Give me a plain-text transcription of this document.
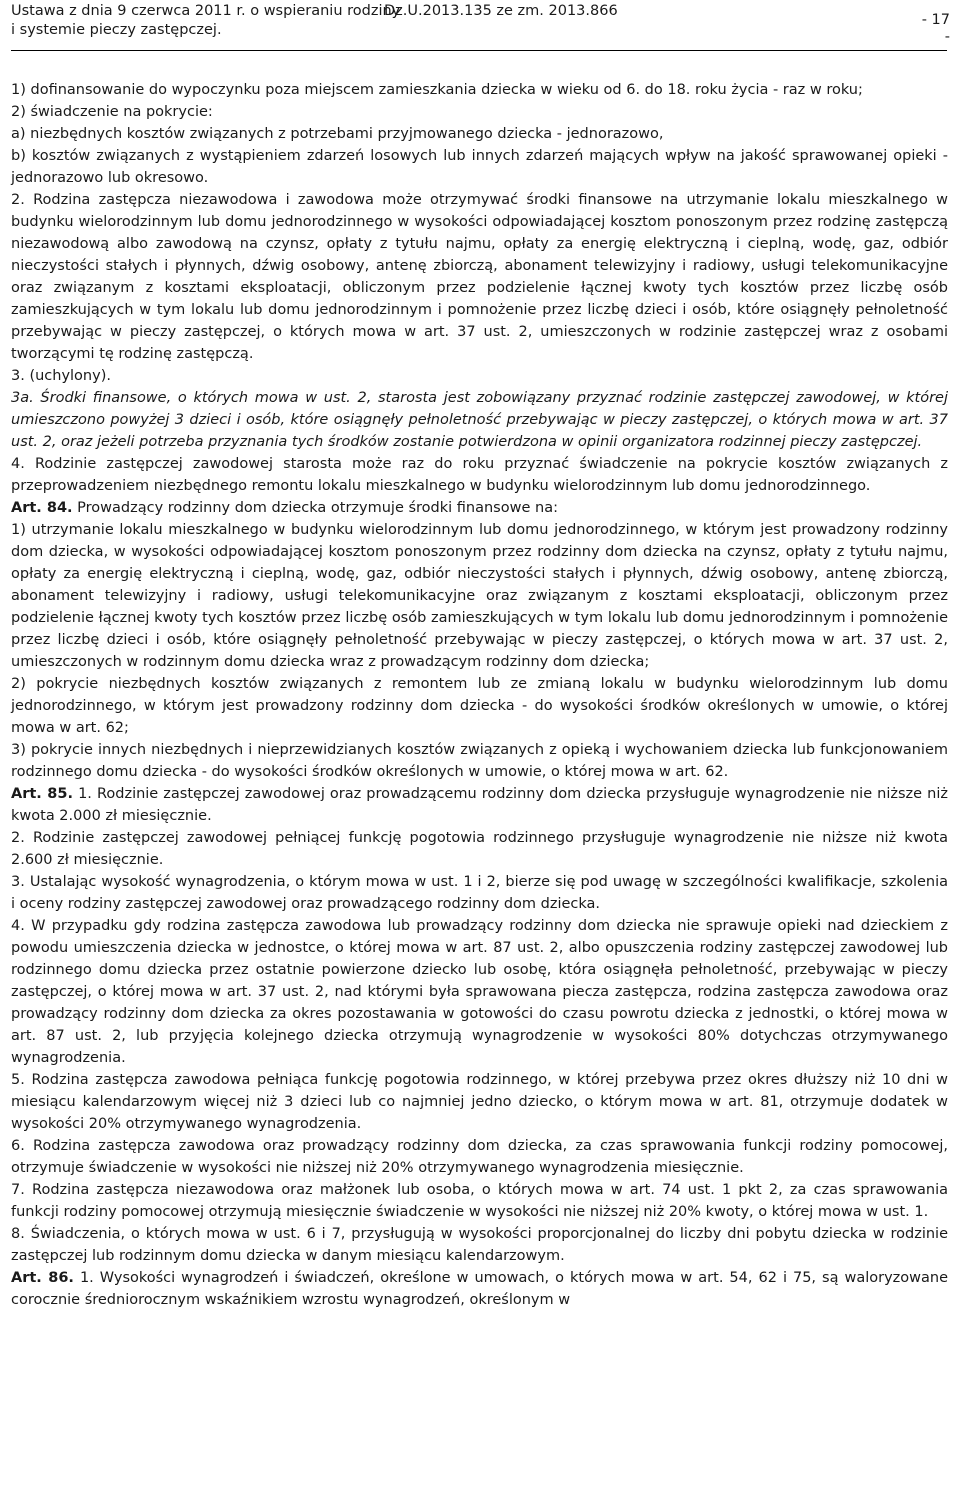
Ustawa z dnia 9 czerwca 2011 r. o wspieraniu rodziny
i systemie pieczy zastępczej.
Dz.U.2013.135 ze zm. 2013.866
- 17
-

1) dofinansowanie do wypoczynku poza miejscem zamieszkania dziecka w wieku od 6. do 18. roku życia - raz w roku;

2) świadczenie na pokrycie:

a) niezbędnych kosztów związanych z potrzebami przyjmowanego dziecka - jednorazowo,

b) kosztów związanych z wystąpieniem zdarzeń losowych lub innych zdarzeń mających wpływ na jakość sprawowanej opieki - jednorazowo lub okresowo.

2. Rodzina zastępcza niezawodowa i zawodowa może otrzymywać środki finansowe na utrzymanie lokalu mieszkalnego w budynku wielorodzinnym lub domu jednorodzinnego w wysokości odpowiadającej kosztom ponoszonym przez rodzinę zastępczą niezawodową albo zawodową na czynsz, opłaty z tytułu najmu, opłaty za energię elektryczną i cieplną, wodę, gaz, odbiór nieczystości stałych i płynnych, dźwig osobowy, antenę zbiorczą, abonament telewizyjny i radiowy, usługi telekomunikacyjne oraz związanym z kosztami eksploatacji, obliczonym przez podzielenie łącznej kwoty tych kosztów przez liczbę osób zamieszkujących w tym lokalu lub domu jednorodzinnym i pomnożenie przez liczbę dzieci i osób, które osiągnęły pełnoletność przebywając w pieczy zastępczej, o których mowa w art. 37 ust. 2, umieszczonych w rodzinie zastępczej wraz z osobami tworzącymi tę rodzinę zastępczą.

3. (uchylony).

3a. Środki finansowe, o których mowa w ust. 2, starosta jest zobowiązany przyznać rodzinie zastępczej zawodowej, w której umieszczono powyżej 3 dzieci i osób, które osiągnęły pełnoletność przebywając w pieczy zastępczej, o których mowa w art. 37 ust. 2, oraz jeżeli potrzeba przyznania tych środków zostanie potwierdzona w opinii organizatora rodzinnej pieczy zastępczej.

4. Rodzinie zastępczej zawodowej starosta może raz do roku przyznać świadczenie na pokrycie kosztów związanych z przeprowadzeniem niezbędnego remontu lokalu mieszkalnego w budynku wielorodzinnym lub domu jednorodzinnego.

Art. 84. Prowadzący rodzinny dom dziecka otrzymuje środki finansowe na:

1) utrzymanie lokalu mieszkalnego w budynku wielorodzinnym lub domu jednorodzinnego, w którym jest prowadzony rodzinny dom dziecka, w wysokości odpowiadającej kosztom ponoszonym przez rodzinny dom dziecka na czynsz, opłaty z tytułu najmu, opłaty za energię elektryczną i cieplną, wodę, gaz, odbiór nieczystości stałych i płynnych, dźwig osobowy, antenę zbiorczą, abonament telewizyjny i radiowy, usługi telekomunikacyjne oraz związanym z kosztami eksploatacji, obliczonym przez podzielenie łącznej kwoty tych kosztów przez liczbę osób zamieszkujących w tym lokalu lub domu jednorodzinnym i pomnożenie przez liczbę dzieci i osób, które osiągnęły pełnoletność przebywając w pieczy zastępczej, o których mowa w art. 37 ust. 2, umieszczonych w rodzinnym domu dziecka wraz z prowadzącym rodzinny dom dziecka;

2) pokrycie niezbędnych kosztów związanych z remontem lub ze zmianą lokalu w budynku wielorodzinnym lub domu jednorodzinnego, w którym jest prowadzony rodzinny dom dziecka - do wysokości środków określonych w umowie, o której mowa w art. 62;

3) pokrycie innych niezbędnych i nieprzewidzianych kosztów związanych z opieką i wychowaniem dziecka lub funkcjonowaniem rodzinnego domu dziecka - do wysokości środków określonych w umowie, o której mowa w art. 62.

Art. 85. 1. Rodzinie zastępczej zawodowej oraz prowadzącemu rodzinny dom dziecka przysługuje wynagrodzenie nie niższe niż kwota 2.000 zł miesięcznie.

2. Rodzinie zastępczej zawodowej pełniącej funkcję pogotowia rodzinnego przysługuje wynagrodzenie nie niższe niż kwota 2.600 zł miesięcznie.

3. Ustalając wysokość wynagrodzenia, o którym mowa w ust. 1 i 2, bierze się pod uwagę w szczególności kwalifikacje, szkolenia i oceny rodziny zastępczej zawodowej oraz prowadzącego rodzinny dom dziecka.

4. W przypadku gdy rodzina zastępcza zawodowa lub prowadzący rodzinny dom dziecka nie sprawuje opieki nad dzieckiem z powodu umieszczenia dziecka w jednostce, o której mowa w art. 87 ust. 2, albo opuszczenia rodziny zastępczej zawodowej lub rodzinnego domu dziecka przez ostatnie powierzone dziecko lub osobę, która osiągnęła pełnoletność, przebywając w pieczy zastępczej, o której mowa w art. 37 ust. 2, nad którymi była sprawowana piecza zastępcza, rodzina zastępcza zawodowa oraz prowadzący rodzinny dom dziecka za okres pozostawania w gotowości do czasu powrotu dziecka z jednostki, o której mowa w art. 87 ust. 2, lub przyjęcia kolejnego dziecka otrzymują wynagrodzenie w wysokości 80% dotychczas otrzymywanego wynagrodzenia.

5. Rodzina zastępcza zawodowa pełniąca funkcję pogotowia rodzinnego, w której przebywa przez okres dłuższy niż 10 dni w miesiącu kalendarzowym więcej niż 3 dzieci lub co najmniej jedno dziecko, o którym mowa w art. 81, otrzymuje dodatek w wysokości 20% otrzymywanego wynagrodzenia.

6. Rodzina zastępcza zawodowa oraz prowadzący rodzinny dom dziecka, za czas sprawowania funkcji rodziny pomocowej, otrzymuje świadczenie w wysokości nie niższej niż 20% otrzymywanego wynagrodzenia miesięcznie.

7. Rodzina zastępcza niezawodowa oraz małżonek lub osoba, o których mowa w art. 74 ust. 1 pkt 2, za czas sprawowania funkcji rodziny pomocowej otrzymują miesięcznie świadczenie w wysokości nie niższej niż 20% kwoty, o której mowa w ust. 1.

8. Świadczenia, o których mowa w ust. 6 i 7, przysługują w wysokości proporcjonalnej do liczby dni pobytu dziecka w rodzinie zastępczej lub rodzinnym domu dziecka w danym miesiącu kalendarzowym.

Art. 86. 1. Wysokości wynagrodzeń i świadczeń, określone w umowach, o których mowa w art. 54, 62 i 75, są waloryzowane corocznie średniorocznym wskaźnikiem wzrostu wynagrodzeń, określonym w
